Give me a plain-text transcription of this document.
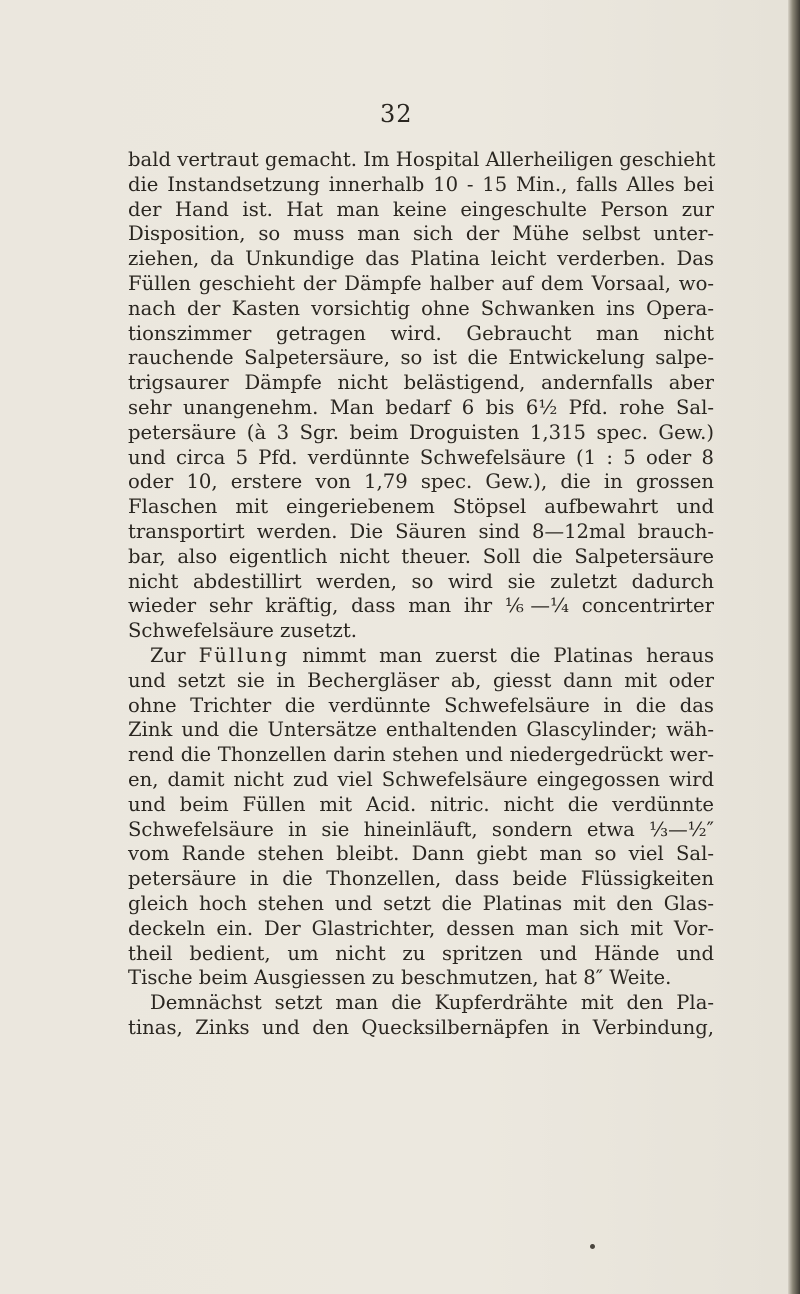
32
bald vertraut gemacht. Im Hospital Allerheiligen geschieht
die Instandsetzung innerhalb 10 - 15 Min., falls Alles bei
der Hand ist. Hat man keine eingeschulte Person zur
Disposition, so muss man sich der Mühe selbst unter-
ziehen, da Unkundige das Platina leicht verderben. Das
Füllen geschieht der Dämpfe halber auf dem Vorsaal, wo-
nach der Kasten vorsichtig ohne Schwanken ins Opera-
tionszimmer getragen wird. Gebraucht man nicht
rauchende Salpetersäure, so ist die Entwickelung salpe-
trigsaurer Dämpfe nicht belästigend, andernfalls aber
sehr unangenehm. Man bedarf 6 bis 6½ Pfd. rohe Sal-
petersäure (à 3 Sgr. beim Droguisten 1,315 spec. Gew.)
und circa 5 Pfd. verdünnte Schwefelsäure (1 : 5 oder 8
oder 10, erstere von 1,79 spec. Gew.), die in grossen
Flaschen mit eingeriebenem Stöpsel aufbewahrt und
transportirt werden. Die Säuren sind 8—12mal brauch-
bar, also eigentlich nicht theuer. Soll die Salpetersäure
nicht abdestillirt werden, so wird sie zuletzt dadurch
wieder sehr kräftig, dass man ihr ⅙—¼ concentrirter
Schwefelsäure zusetzt.
Zur Füllung nimmt man zuerst die Platinas heraus
und setzt sie in Bechergläser ab, giesst dann mit oder
ohne Trichter die verdünnte Schwefelsäure in die das
Zink und die Untersätze enthaltenden Glascylinder; wäh-
rend die Thonzellen darin stehen und niedergedrückt wer-
en, damit nicht zud viel Schwefelsäure eingegossen wird
und beim Füllen mit Acid. nitric. nicht die verdünnte
Schwefelsäure in sie hineinläuft, sondern etwa ⅓—½″
vom Rande stehen bleibt. Dann giebt man so viel Sal-
petersäure in die Thonzellen, dass beide Flüssigkeiten
gleich hoch stehen und setzt die Platinas mit den Glas-
deckeln ein. Der Glastrichter, dessen man sich mit Vor-
theil bedient, um nicht zu spritzen und Hände und
Tische beim Ausgiessen zu beschmutzen, hat 8″ Weite.
Demnächst setzt man die Kupferdrähte mit den Pla-
tinas, Zinks und den Quecksilbernäpfen in Verbindung,
